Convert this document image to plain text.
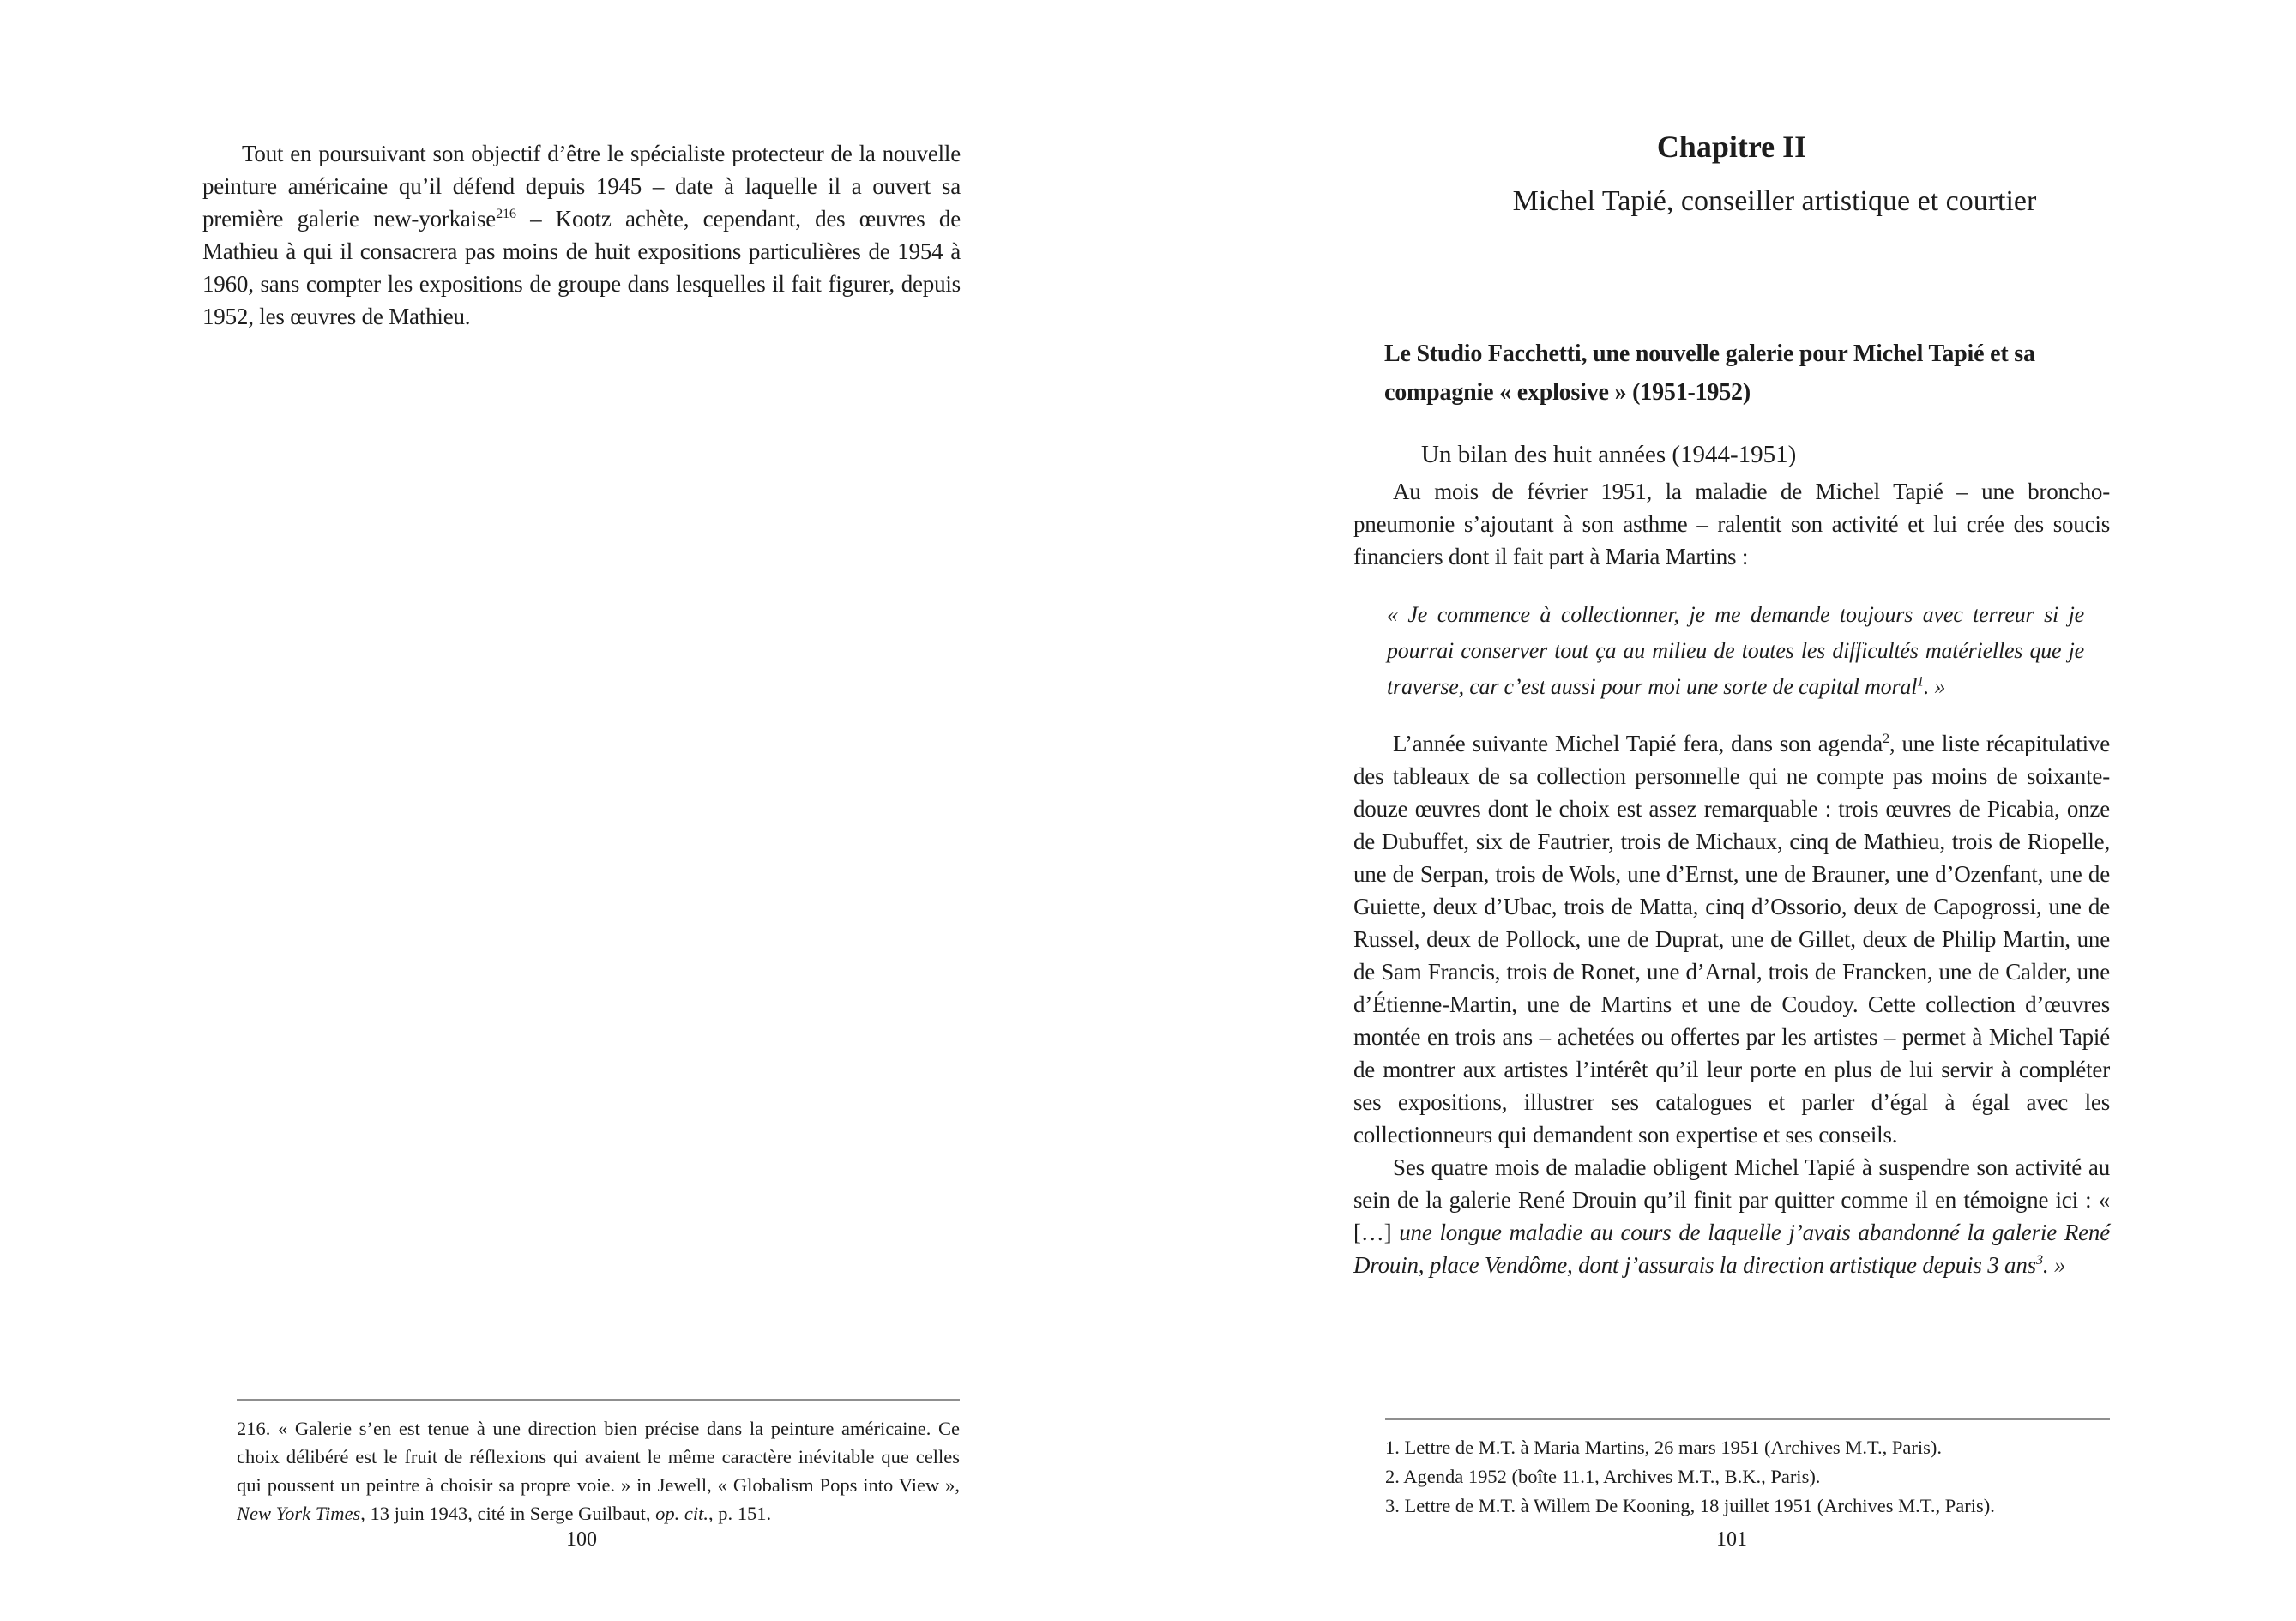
Tout en poursuivant son objectif d’être le spécialiste protecteur de la nouvelle peinture américaine qu’il défend depuis 1945 – date à laquelle il a ouvert sa première galerie new-yorkaise$^{216}$ – Kootz achète, cependant, des œuvres de Mathieu à qui il consacrera pas moins de huit expositions particulières de 1954 à 1960, sans compter les expositions de groupe dans lesquelles il fait figurer, depuis 1952, les œuvres de Mathieu.

216. « Galerie s’en est tenue à une direction bien précise dans la peinture américaine. Ce choix délibéré est le fruit de réflexions qui avaient le même caractère inévitable que celles qui poussent un peintre à choisir sa propre voie. » in Jewell, « Globalism Pops into View », New York Times, 13 juin 1943, cité in Serge Guilbaut, op. cit., p. 151.

100
Chapitre II
Michel Tapié, conseiller artistique et courtier
Le Studio Facchetti, une nouvelle galerie pour Michel Tapié et sa compagnie « explosive » (1951-1952)
Un bilan des huit années (1944-1951)

Au mois de février 1951, la maladie de Michel Tapié – une broncho-pneumonie s’ajoutant à son asthme – ralentit son activité et lui crée des soucis financiers dont il fait part à Maria Martins :

« Je commence à collectionner, je me demande toujours avec terreur si je pourrai conserver tout ça au milieu de toutes les difficultés matérielles que je traverse, car c’est aussi pour moi une sorte de capital moral$^1$. »

L’année suivante Michel Tapié fera, dans son agenda$^2$, une liste récapitulative des tableaux de sa collection personnelle qui ne compte pas moins de soixante-douze œuvres dont le choix est assez remarquable : trois œuvres de Picabia, onze de Dubuffet, six de Fautrier, trois de Michaux, cinq de Mathieu, trois de Riopelle, une de Serpan, trois de Wols, une d’Ernst, une de Brauner, une d’Ozenfant, une de Guiette, deux d’Ubac, trois de Matta, cinq d’Ossorio, deux de Capogrossi, une de Russel, deux de Pollock, une de Duprat, une de Gillet, deux de Philip Martin, une de Sam Francis, trois de Ronet, une d’Arnal, trois de Francken, une de Calder, une d’Étienne-Martin, une de Martins et une de Coudoy. Cette collection d’œuvres montée en trois ans – achetées ou offertes par les artistes – permet à Michel Tapié de montrer aux artistes l’intérêt qu’il leur porte en plus de lui servir à compléter ses expositions, illustrer ses catalogues et parler d’égal à égal avec les collectionneurs qui demandent son expertise et ses conseils.

Ses quatre mois de maladie obligent Michel Tapié à suspendre son activité au sein de la galerie René Drouin qu’il finit par quitter comme il en témoigne ici : « […] une longue maladie au cours de laquelle j’avais abandonné la galerie René Drouin, place Vendôme, dont j’assurais la direction artistique depuis 3 ans$^3$. »

1. Lettre de M.T. à Maria Martins, 26 mars 1951 (Archives M.T., Paris).

2. Agenda 1952 (boîte 11.1, Archives M.T., B.K., Paris).

3. Lettre de M.T. à Willem De Kooning, 18 juillet 1951 (Archives M.T., Paris).

101
